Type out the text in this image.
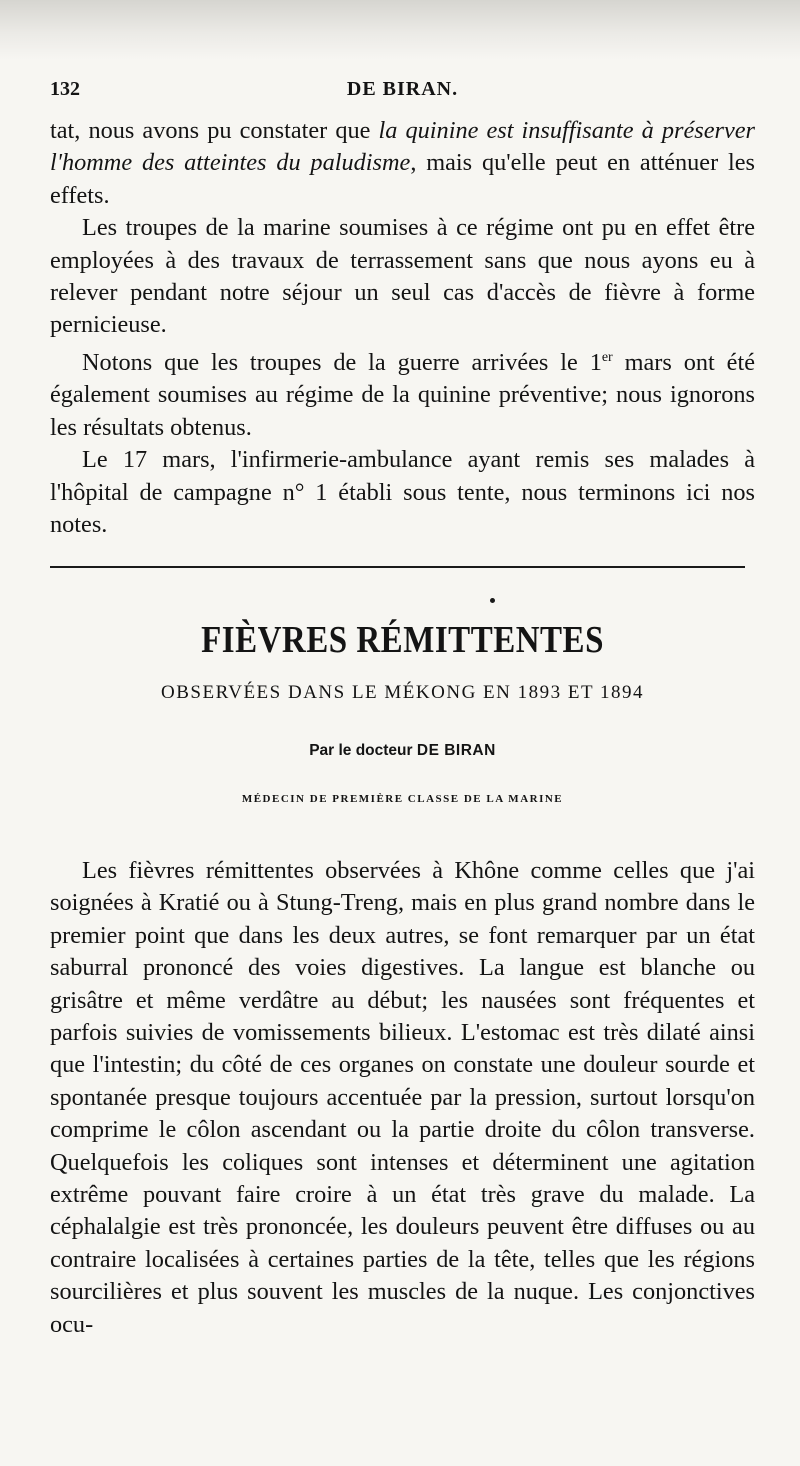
132	DE BIRAN.

tat, nous avons pu constater que la quinine est insuffisante à préserver l'homme des atteintes du paludisme, mais qu'elle peut en atténuer les effets.

Les troupes de la marine soumises à ce régime ont pu en effet être employées à des travaux de terrassement sans que nous ayons eu à relever pendant notre séjour un seul cas d'accès de fièvre à forme pernicieuse.

Notons que les troupes de la guerre arrivées le 1er mars ont été également soumises au régime de la quinine préventive; nous ignorons les résultats obtenus.

Le 17 mars, l'infirmerie-ambulance ayant remis ses malades à l'hôpital de campagne n° 1 établi sous tente, nous terminons ici nos notes.

FIÈVRES RÉMITTENTES
OBSERVÉES DANS LE MÉKONG EN 1893 ET 1894
Par le docteur DE BIRAN
MÉDECIN DE PREMIÈRE CLASSE DE LA MARINE

Les fièvres rémittentes observées à Khône comme celles que j'ai soignées à Kratié ou à Stung-Treng, mais en plus grand nombre dans le premier point que dans les deux autres, se font remarquer par un état saburral prononcé des voies digestives. La langue est blanche ou grisâtre et même verdâtre au début; les nausées sont fréquentes et parfois suivies de vomissements bilieux. L'estomac est très dilaté ainsi que l'intestin; du côté de ces organes on constate une douleur sourde et spontanée presque toujours accentuée par la pression, surtout lorsqu'on comprime le côlon ascendant ou la partie droite du côlon transverse. Quelquefois les coliques sont intenses et déterminent une agitation extrême pouvant faire croire à un état très grave du malade. La céphalalgie est très prononcée, les douleurs peuvent être diffuses ou au contraire localisées à certaines parties de la tête, telles que les régions sourcilières et plus souvent les muscles de la nuque. Les conjonctives ocu-
